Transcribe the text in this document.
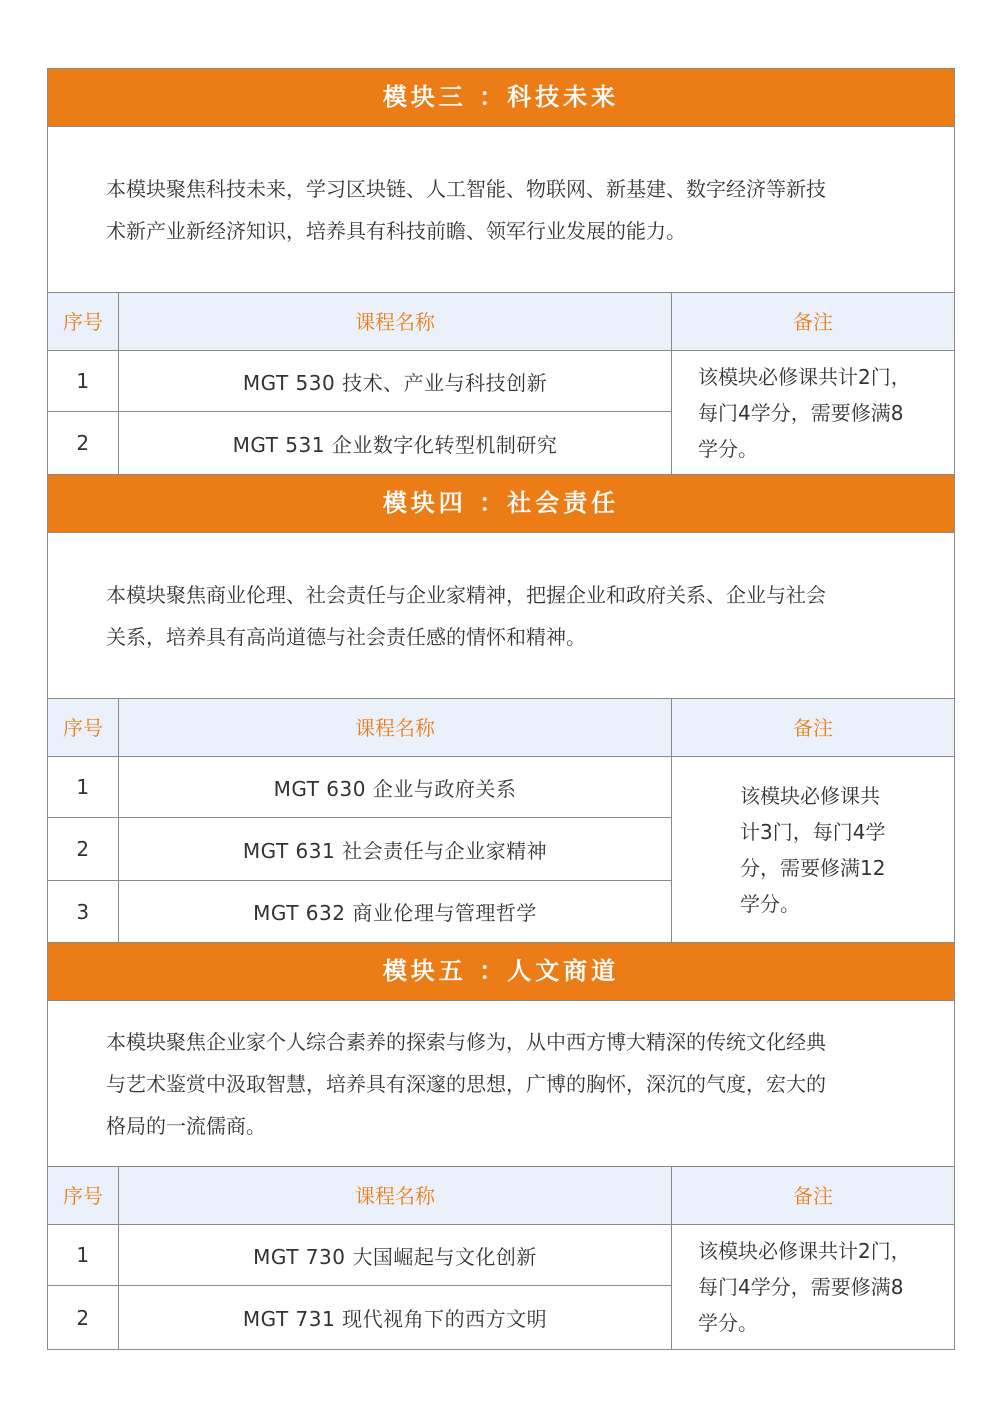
模块三 ：科技未来
本模块聚焦科技未来，学习区块链、人工智能、物联网、新基建、数字经济等新技
术新产业新经济知识，培养具有科技前瞻、领军行业发展的能力。
序号	课程名称	备注
1	MGT 530 技术、产业与科技创新
2	MGT 531 企业数字化转型机制研究
该模块必修课共计2门，
每门4学分，需要修满8
学分。
模块四 ：社会责任
本模块聚焦商业伦理、社会责任与企业家精神，把握企业和政府关系、企业与社会
关系，培养具有高尚道德与社会责任感的情怀和精神。
序号	课程名称	备注
1	MGT 630 企业与政府关系
2	MGT 631 社会责任与企业家精神
3	MGT 632 商业伦理与管理哲学
该模块必修课共
计3门，每门4学
分，需要修满12
学分。
模块五 ：人文商道
本模块聚焦企业家个人综合素养的探索与修为，从中西方博大精深的传统文化经典
与艺术鉴赏中汲取智慧，培养具有深邃的思想，广博的胸怀，深沉的气度，宏大的
格局的一流儒商。
序号	课程名称	备注
1	MGT 730 大国崛起与文化创新
2	MGT 731 现代视角下的西方文明
该模块必修课共计2门，
每门4学分，需要修满8
学分。
